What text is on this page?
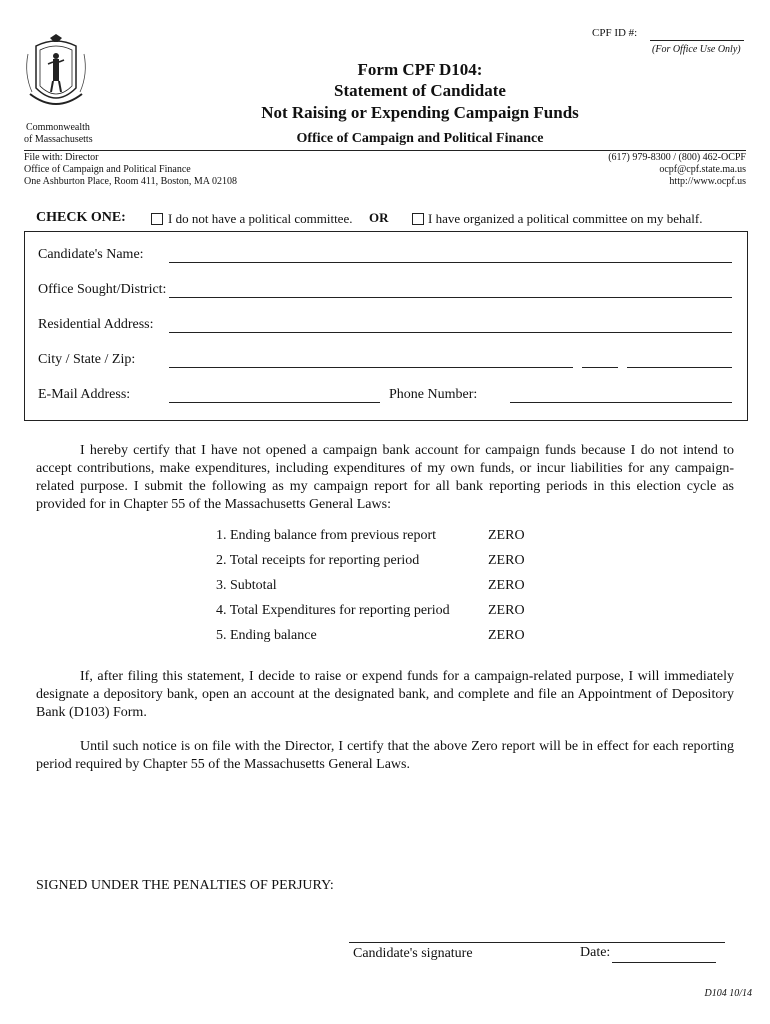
CPF ID #:
(For Office Use Only)
Commonwealth
of Massachusetts
Form CPF D104:
Statement of Candidate
Not Raising or Expending Campaign Funds
Office of Campaign and Political Finance
File with: Director
Office of Campaign and Political Finance
One Ashburton Place, Room 411, Boston, MA 02108
(617) 979-8300 / (800) 462-OCPF
ocpf@cpf.state.ma.us
http://www.ocpf.us
CHECK ONE:	I do not have a political committee. OR	I have organized a political committee on my behalf.
Candidate's Name:
Office Sought/District:
Residential Address:
City / State / Zip:
E-Mail Address:	Phone Number:
I hereby certify that I have not opened a campaign bank account for campaign funds because I do not intend to accept contributions, make expenditures, including expenditures of my own funds, or incur liabilities for any campaign-related purpose. I submit the following as my campaign report for all bank reporting periods in this election cycle as provided for in Chapter 55 of the Massachusetts General Laws:
1. Ending balance from previous report	ZERO
2. Total receipts for reporting period	ZERO
3. Subtotal	ZERO
4. Total Expenditures for reporting period	ZERO
5. Ending balance	ZERO
If, after filing this statement, I decide to raise or expend funds for a campaign-related purpose, I will immediately designate a depository bank, open an account at the designated bank, and complete and file an Appointment of Depository Bank (D103) Form.
Until such notice is on file with the Director, I certify that the above Zero report will be in effect for each reporting period required by Chapter 55 of the Massachusetts General Laws.
SIGNED UNDER THE PENALTIES OF PERJURY:
Candidate's signature	Date:
D104 10/14
